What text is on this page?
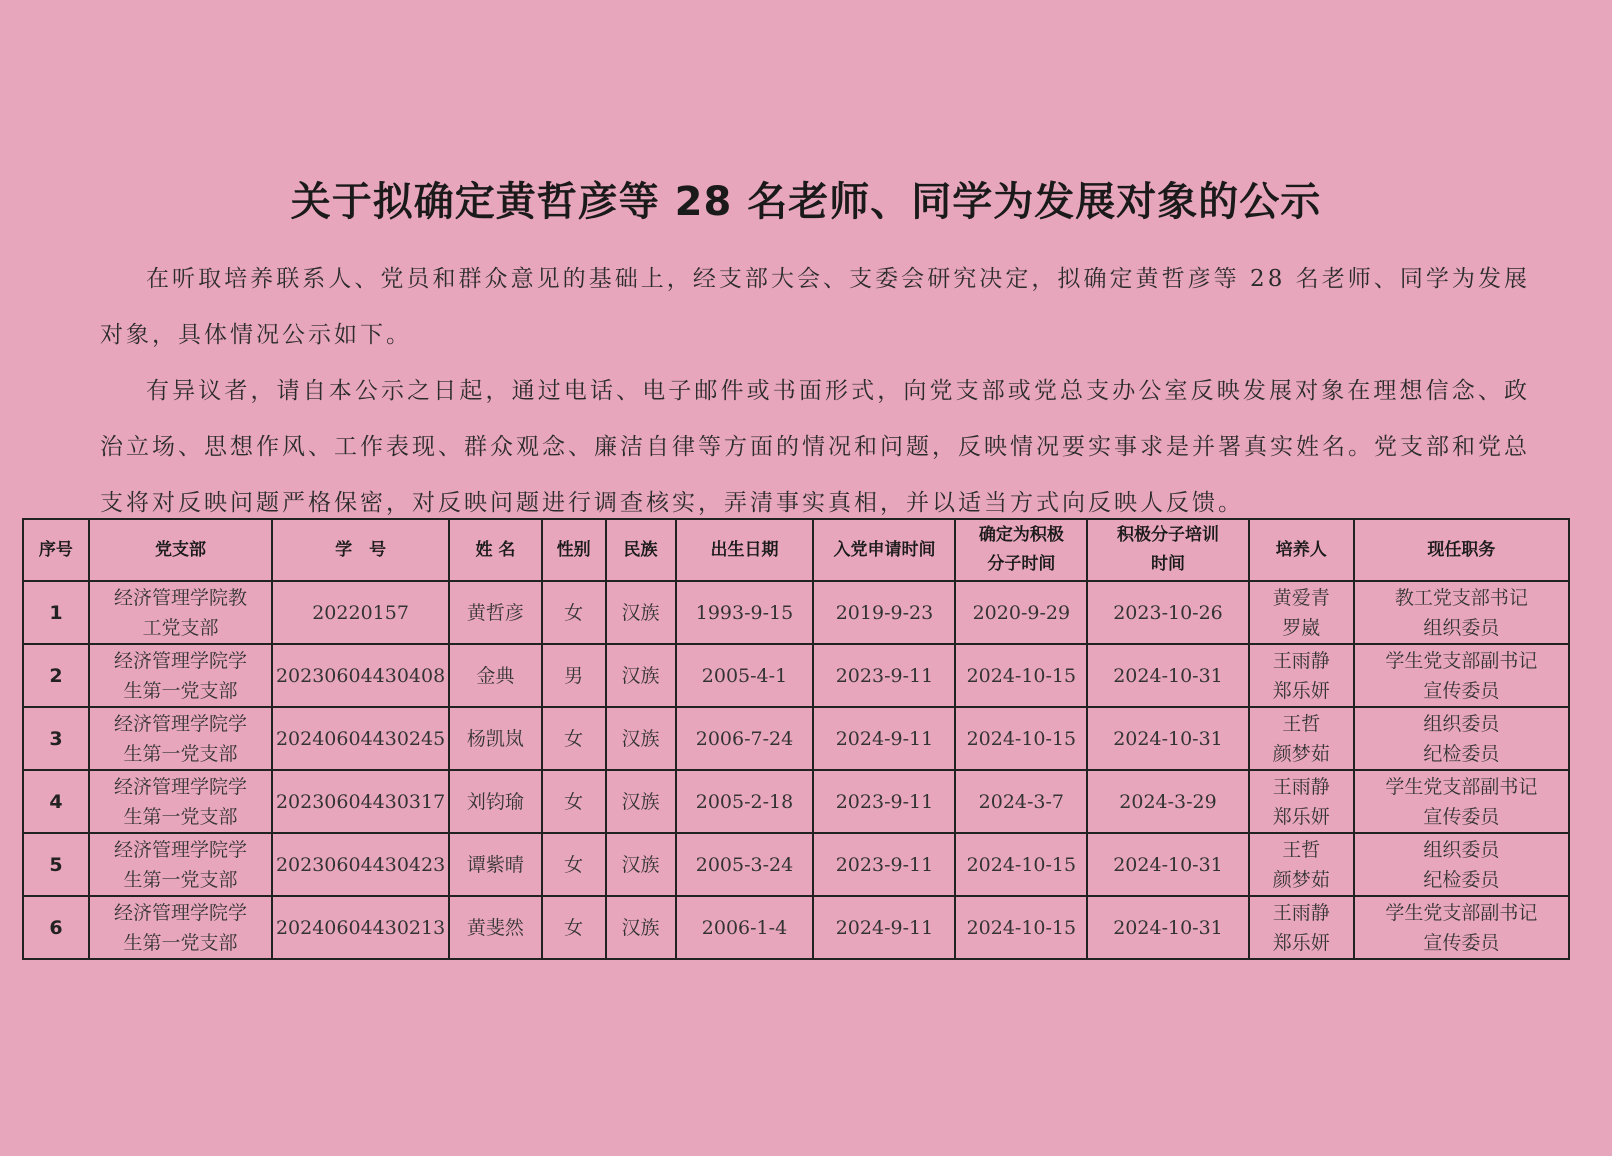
关于拟确定黄哲彦等 28 名老师、同学为发展对象的公示

在听取培养联系人、党员和群众意见的基础上，经支部大会、支委会研究决定，拟确定黄哲彦等 28 名老师、同学为发展对象，具体情况公示如下。

有异议者，请自本公示之日起，通过电话、电子邮件或书面形式，向党支部或党总支办公室反映发展对象在理想信念、政治立场、思想作风、工作表现、群众观念、廉洁自律等方面的情况和问题，反映情况要实事求是并署真实姓名。党支部和党总支将对反映问题严格保密，对反映问题进行调查核实，弄清事实真相，并以适当方式向反映人反馈。

序号	党支部	学　号	姓 名	性别	民族	出生日期	入党申请时间	确定为积极
分子时间	积极分子培训
时间	培养人	现任职务
1	经济管理学院教
工党支部	20220157	黄哲彦	女	汉族	1993-9-15	2019-9-23	2020-9-29	2023-10-26	黄爱青
罗崴	教工党支部书记
组织委员
2	经济管理学院学
生第一党支部	20230604430408	金典	男	汉族	2005-4-1	2023-9-11	2024-10-15	2024-10-31	王雨静
郑乐妍	学生党支部副书记
宣传委员
3	经济管理学院学
生第一党支部	20240604430245	杨凯岚	女	汉族	2006-7-24	2024-9-11	2024-10-15	2024-10-31	王哲
颜梦茹	组织委员
纪检委员
4	经济管理学院学
生第一党支部	20230604430317	刘钧瑜	女	汉族	2005-2-18	2023-9-11	2024-3-7	2024-3-29	王雨静
郑乐妍	学生党支部副书记
宣传委员
5	经济管理学院学
生第一党支部	20230604430423	谭紫晴	女	汉族	2005-3-24	2023-9-11	2024-10-15	2024-10-31	王哲
颜梦茹	组织委员
纪检委员
6	经济管理学院学
生第一党支部	20240604430213	黄斐然	女	汉族	2006-1-4	2024-9-11	2024-10-15	2024-10-31	王雨静
郑乐妍	学生党支部副书记
宣传委员
